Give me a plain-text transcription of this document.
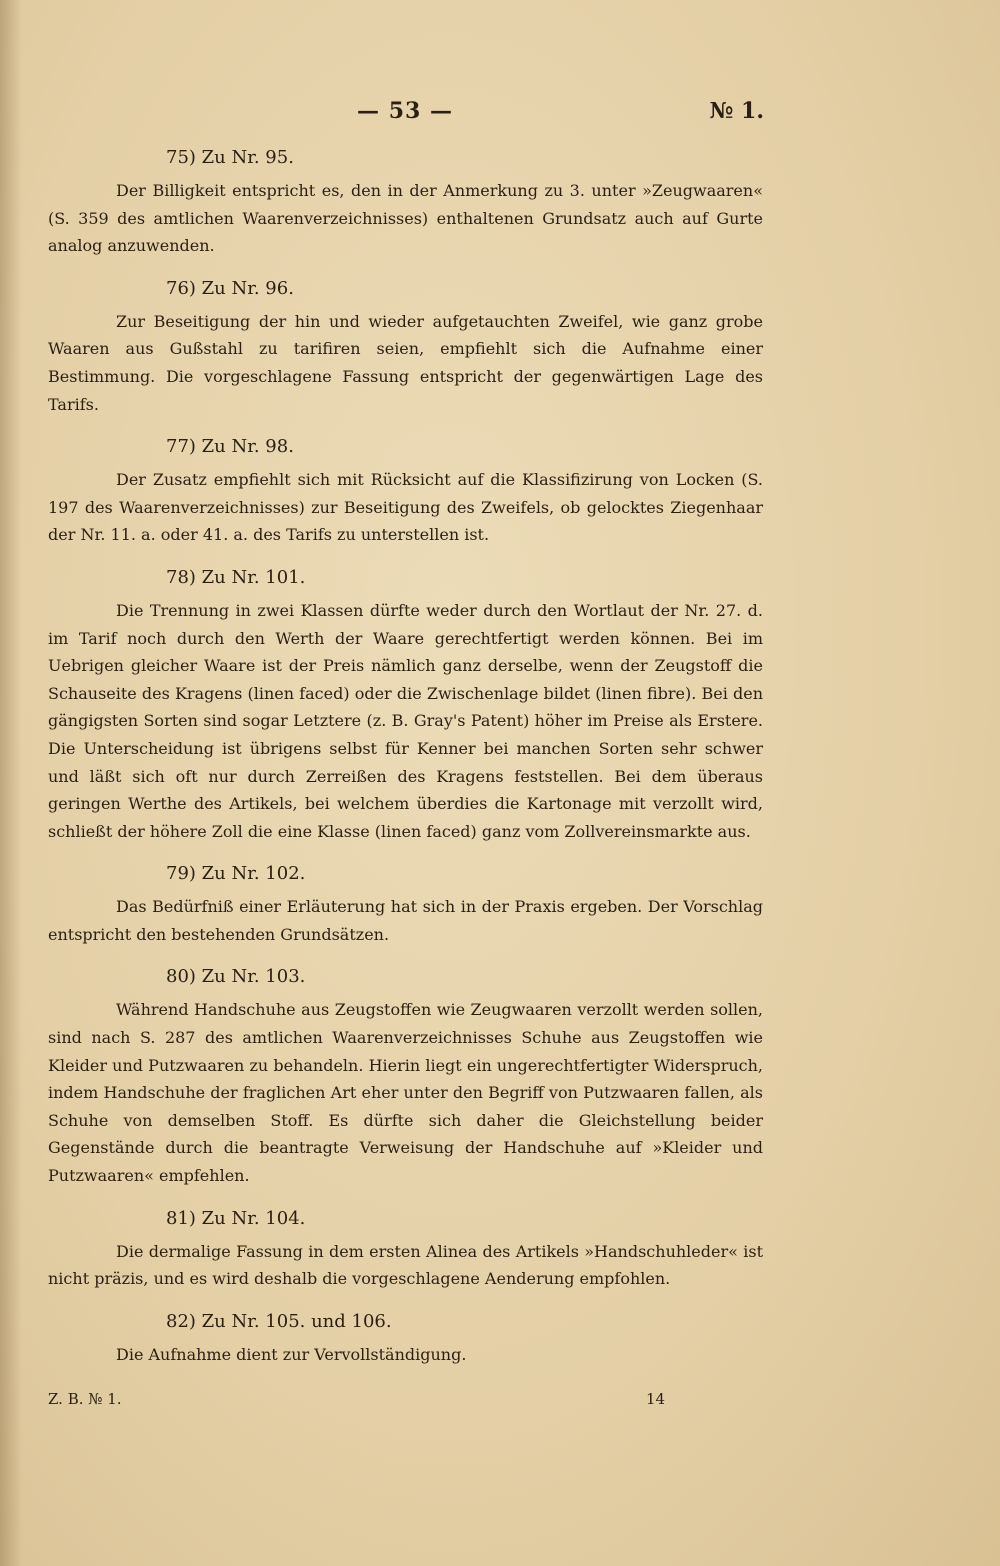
— 53 —	№ 1.
75) Zu Nr. 95.

Der Billigkeit entspricht es, den in der Anmerkung zu 3. unter »Zeugwaaren« (S. 359 des amtlichen Waarenverzeichnisses) enthaltenen Grundsatz auch auf Gurte analog anzuwenden.

76) Zu Nr. 96.

Zur Beseitigung der hin und wieder aufgetauchten Zweifel, wie ganz grobe Waaren aus Gußstahl zu tarifiren seien, empfiehlt sich die Aufnahme einer Bestimmung. Die vorgeschlagene Fassung entspricht der gegenwärtigen Lage des Tarifs.

77) Zu Nr. 98.

Der Zusatz empfiehlt sich mit Rücksicht auf die Klassifizirung von Locken (S. 197 des Waarenverzeichnisses) zur Beseitigung des Zweifels, ob gelocktes Ziegenhaar der Nr. 11. a. oder 41. a. des Tarifs zu unterstellen ist.

78) Zu Nr. 101.

Die Trennung in zwei Klassen dürfte weder durch den Wortlaut der Nr. 27. d. im Tarif noch durch den Werth der Waare gerechtfertigt werden können. Bei im Uebrigen gleicher Waare ist der Preis nämlich ganz derselbe, wenn der Zeugstoff die Schauseite des Kragens (linen faced) oder die Zwischenlage bildet (linen fibre). Bei den gängigsten Sorten sind sogar Letztere (z. B. Gray's Patent) höher im Preise als Erstere. Die Unterscheidung ist übrigens selbst für Kenner bei manchen Sorten sehr schwer und läßt sich oft nur durch Zerreißen des Kragens feststellen. Bei dem überaus geringen Werthe des Artikels, bei welchem überdies die Kartonage mit verzollt wird, schließt der höhere Zoll die eine Klasse (linen faced) ganz vom Zollvereinsmarkte aus.

79) Zu Nr. 102.

Das Bedürfniß einer Erläuterung hat sich in der Praxis ergeben. Der Vorschlag entspricht den bestehenden Grundsätzen.

80) Zu Nr. 103.

Während Handschuhe aus Zeugstoffen wie Zeugwaaren verzollt werden sollen, sind nach S. 287 des amtlichen Waarenverzeichnisses Schuhe aus Zeugstoffen wie Kleider und Putzwaaren zu behandeln. Hierin liegt ein ungerechtfertigter Widerspruch, indem Handschuhe der fraglichen Art eher unter den Begriff von Putzwaaren fallen, als Schuhe von demselben Stoff. Es dürfte sich daher die Gleichstellung beider Gegenstände durch die beantragte Verweisung der Handschuhe auf »Kleider und Putzwaaren« empfehlen.

81) Zu Nr. 104.

Die dermalige Fassung in dem ersten Alinea des Artikels »Handschuhleder« ist nicht präzis, und es wird deshalb die vorgeschlagene Aenderung empfohlen.

82) Zu Nr. 105. und 106.

Die Aufnahme dient zur Vervollständigung.

Z. B. № 1.	14
